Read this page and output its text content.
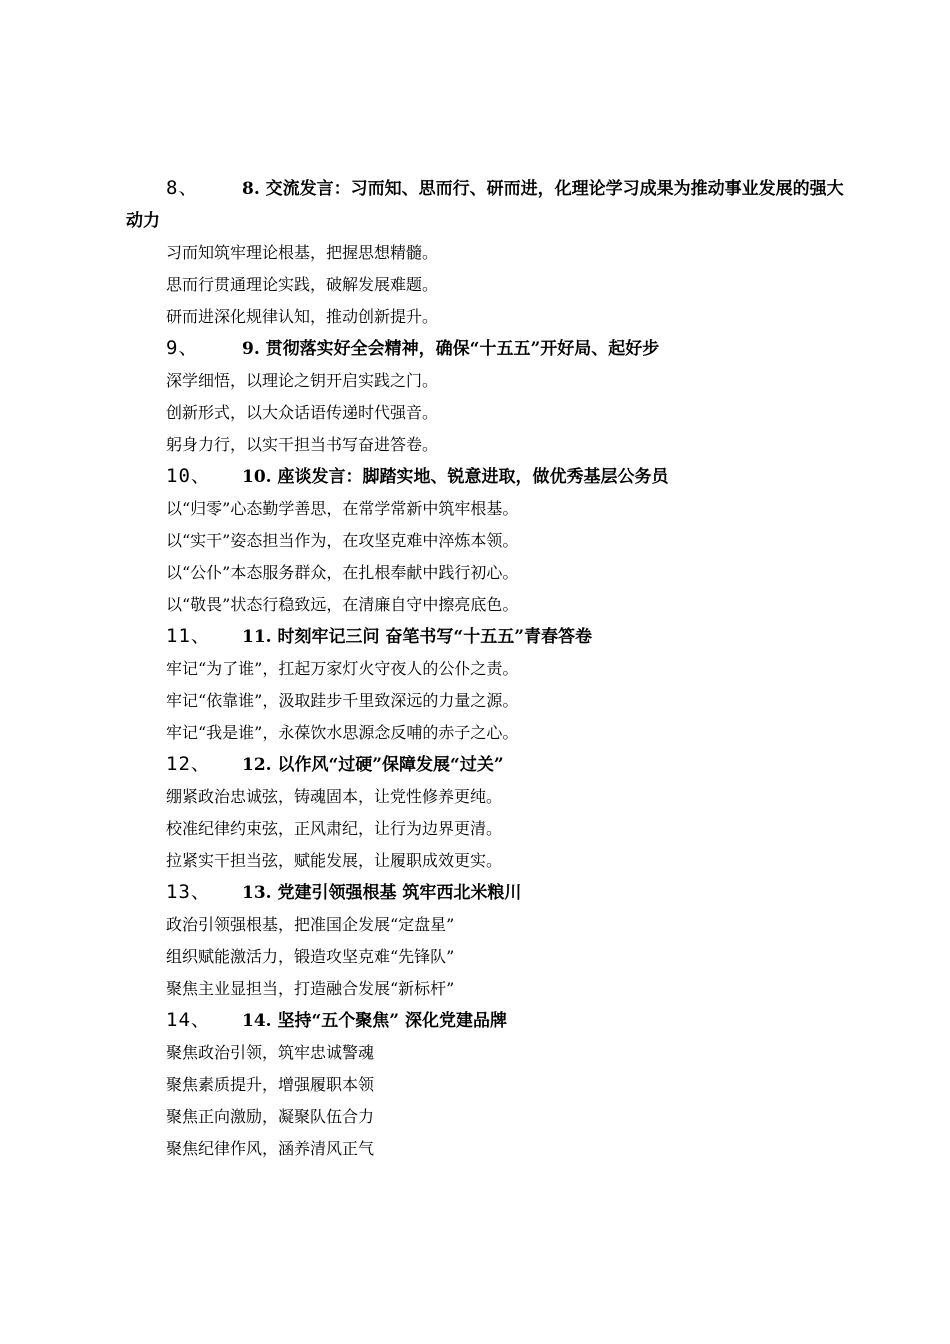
8、	8. 交流发言：习而知、思而行、研而进，化理论学习成果为推动事业发展的强大动力
习而知筑牢理论根基，把握思想精髓。
思而行贯通理论实践，破解发展难题。
研而进深化规律认知，推动创新提升。
9、	9. 贯彻落实好全会精神，确保“十五五”开好局、起好步
深学细悟，以理论之钥开启实践之门。
创新形式，以大众话语传递时代强音。
躬身力行，以实干担当书写奋进答卷。
10、 10. 座谈发言：脚踏实地、锐意进取，做优秀基层公务员
以“归零”心态勤学善思，在常学常新中筑牢根基。
以“实干”姿态担当作为，在攻坚克难中淬炼本领。
以“公仆”本态服务群众，在扎根奉献中践行初心。
以“敬畏”状态行稳致远，在清廉自守中擦亮底色。
11、 11. 时刻牢记三问 奋笔书写“十五五”青春答卷
牢记“为了谁”，扛起万家灯火守夜人的公仆之责。
牢记“依靠谁”，汲取跬步千里致深远的力量之源。
牢记“我是谁”，永葆饮水思源念反哺的赤子之心。
12、 12. 以作风“过硬”保障发展“过关”
绷紧政治忠诚弦，铸魂固本，让党性修养更纯。
校准纪律约束弦，正风肃纪，让行为边界更清。
拉紧实干担当弦，赋能发展，让履职成效更实。
13、 13. 党建引领强根基 筑牢西北米粮川
政治引领强根基，把准国企发展“定盘星”
组织赋能激活力，锻造攻坚克难“先锋队”
聚焦主业显担当，打造融合发展“新标杆”
14、 14. 坚持“五个聚焦” 深化党建品牌
聚焦政治引领，筑牢忠诚警魂
聚焦素质提升，增强履职本领
聚焦正向激励，凝聚队伍合力
聚焦纪律作风，涵养清风正气
